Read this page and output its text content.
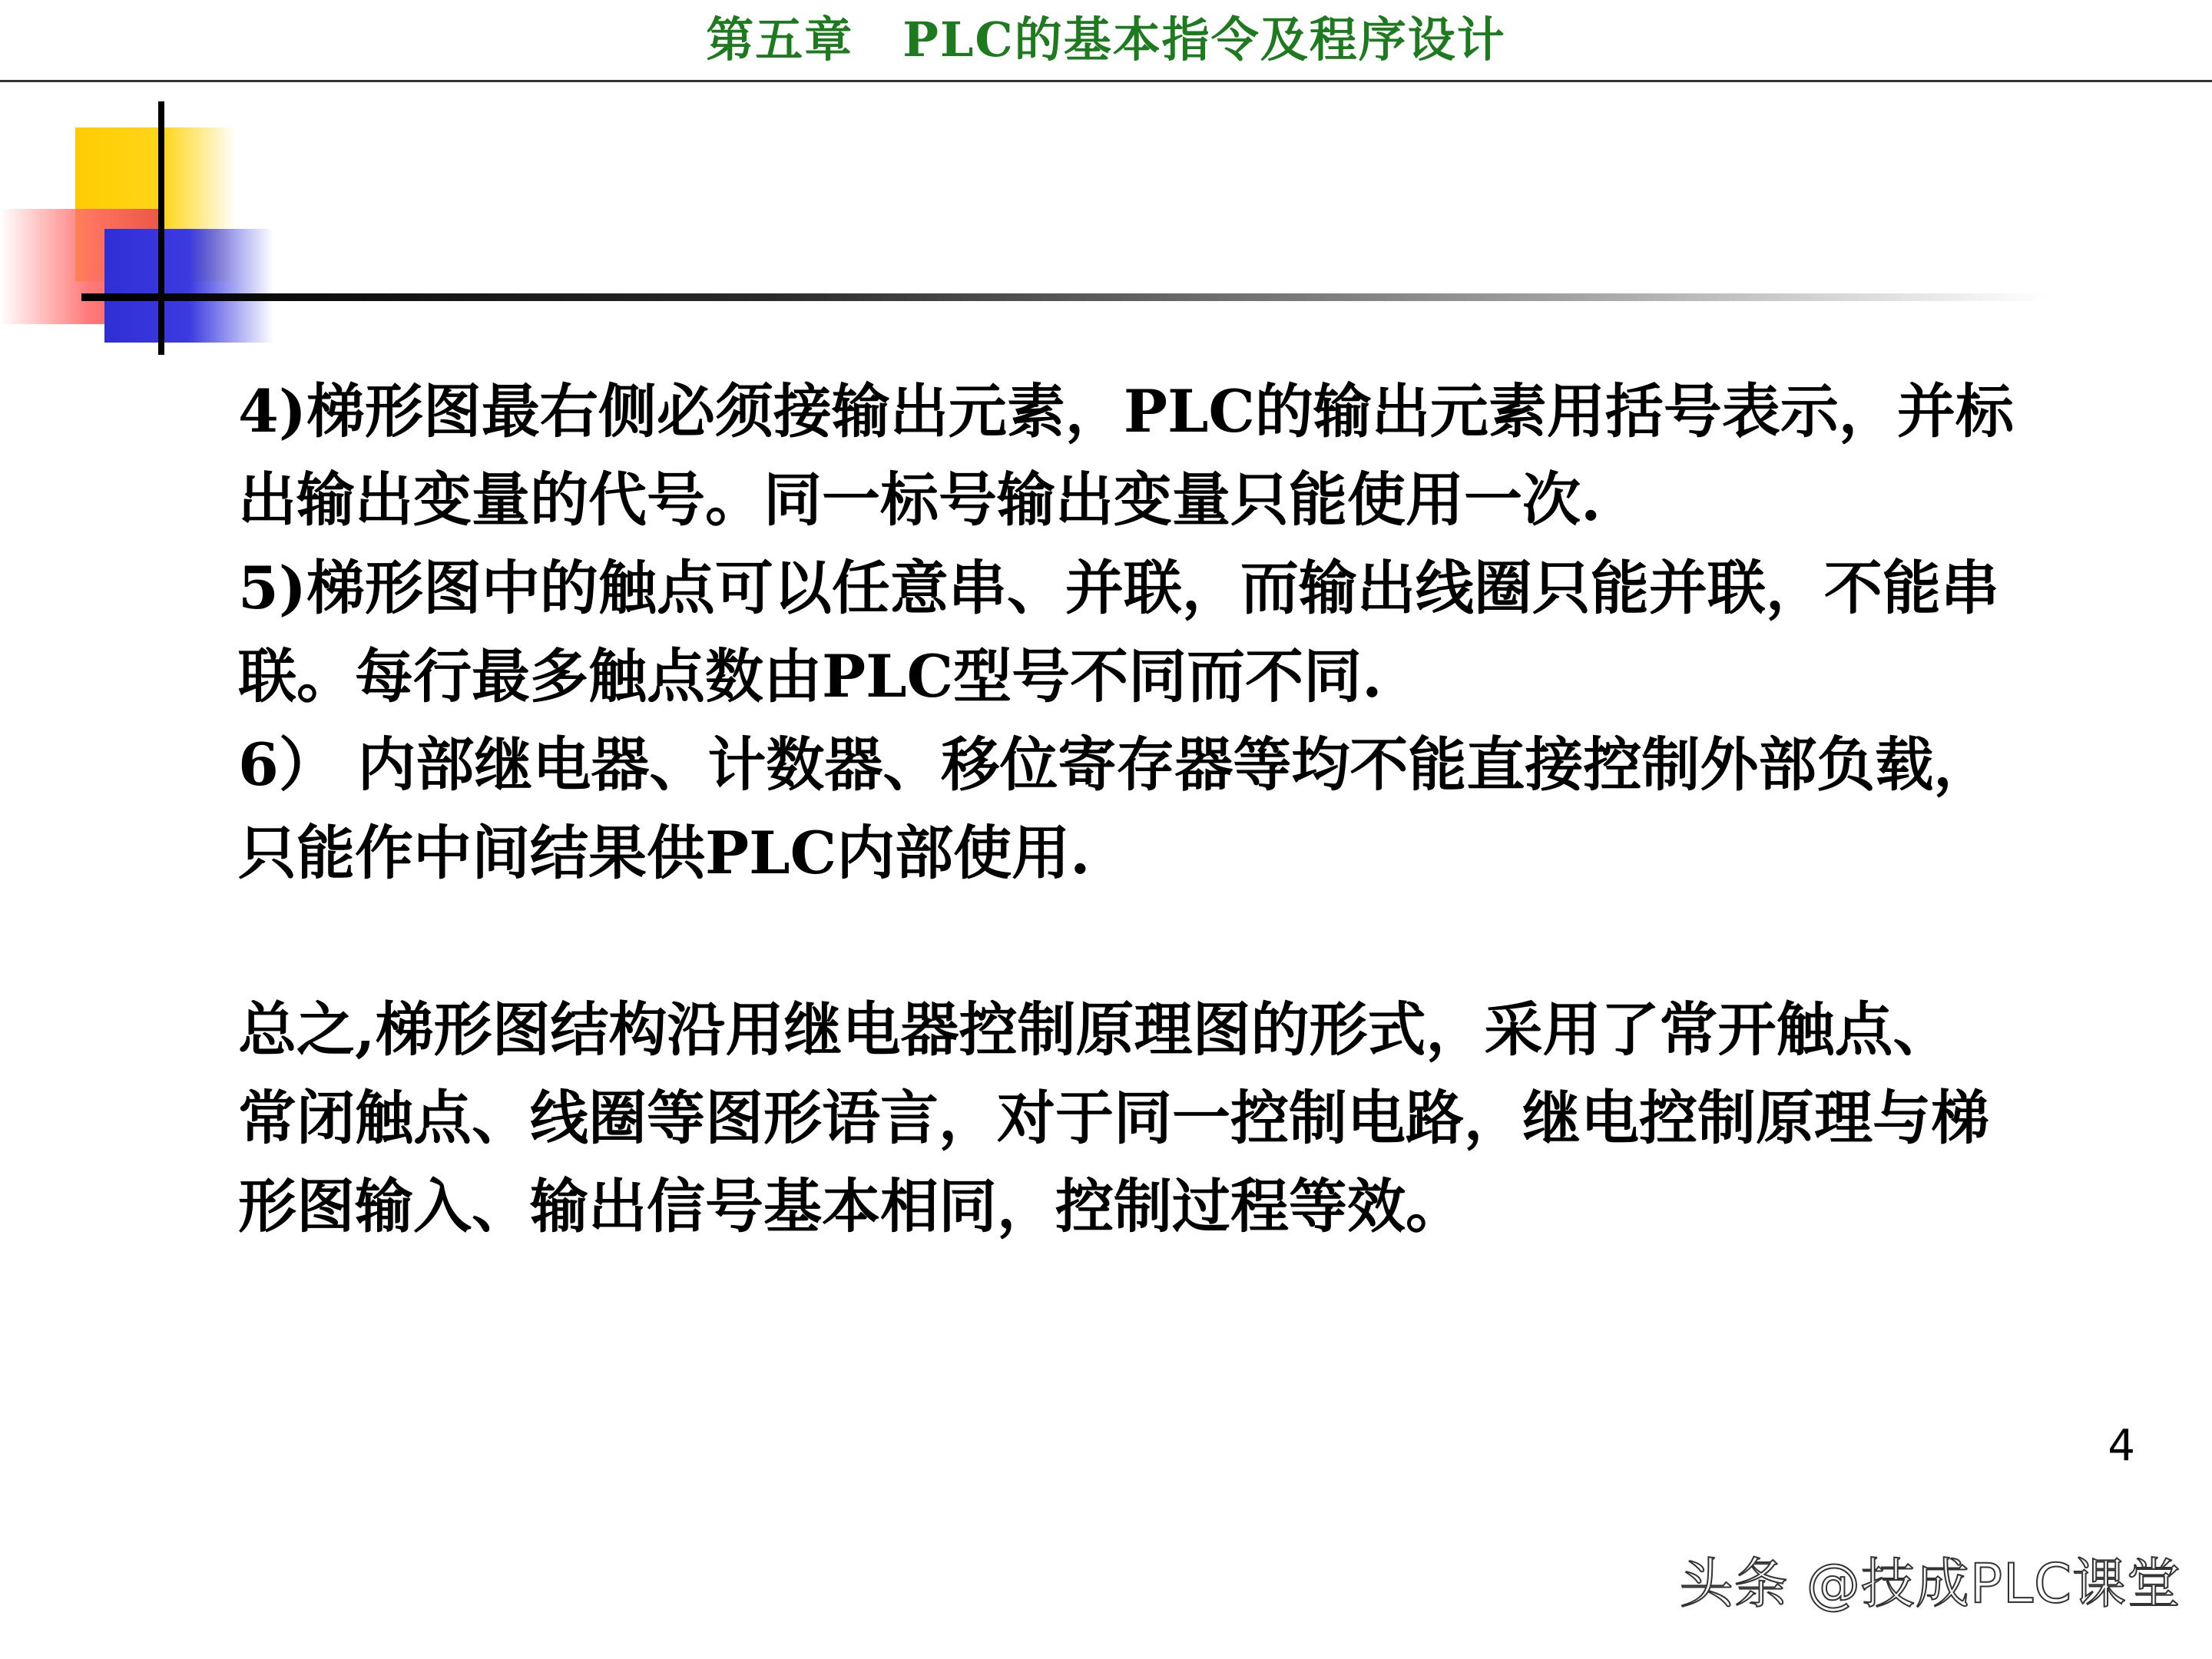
第五章　PLC的基本指令及程序设计

4)梯形图最右侧必须接输出元素，PLC的输出元素用括号表示，并标

出输出变量的代号。同一标号输出变量只能使用一次.

5)梯形图中的触点可以任意串、并联，而输出线圈只能并联，不能串

联。每行最多触点数由PLC型号不同而不同.

6） 内部继电器、计数器、移位寄存器等均不能直接控制外部负载，

只能作中间结果供PLC内部使用.

总之,梯形图结构沿用继电器控制原理图的形式，采用了常开触点、

常闭触点、线圈等图形语言，对于同一控制电路，继电控制原理与梯

形图输入、输出信号基本相同，控制过程等效。

4
头条 @技成PLC课堂
